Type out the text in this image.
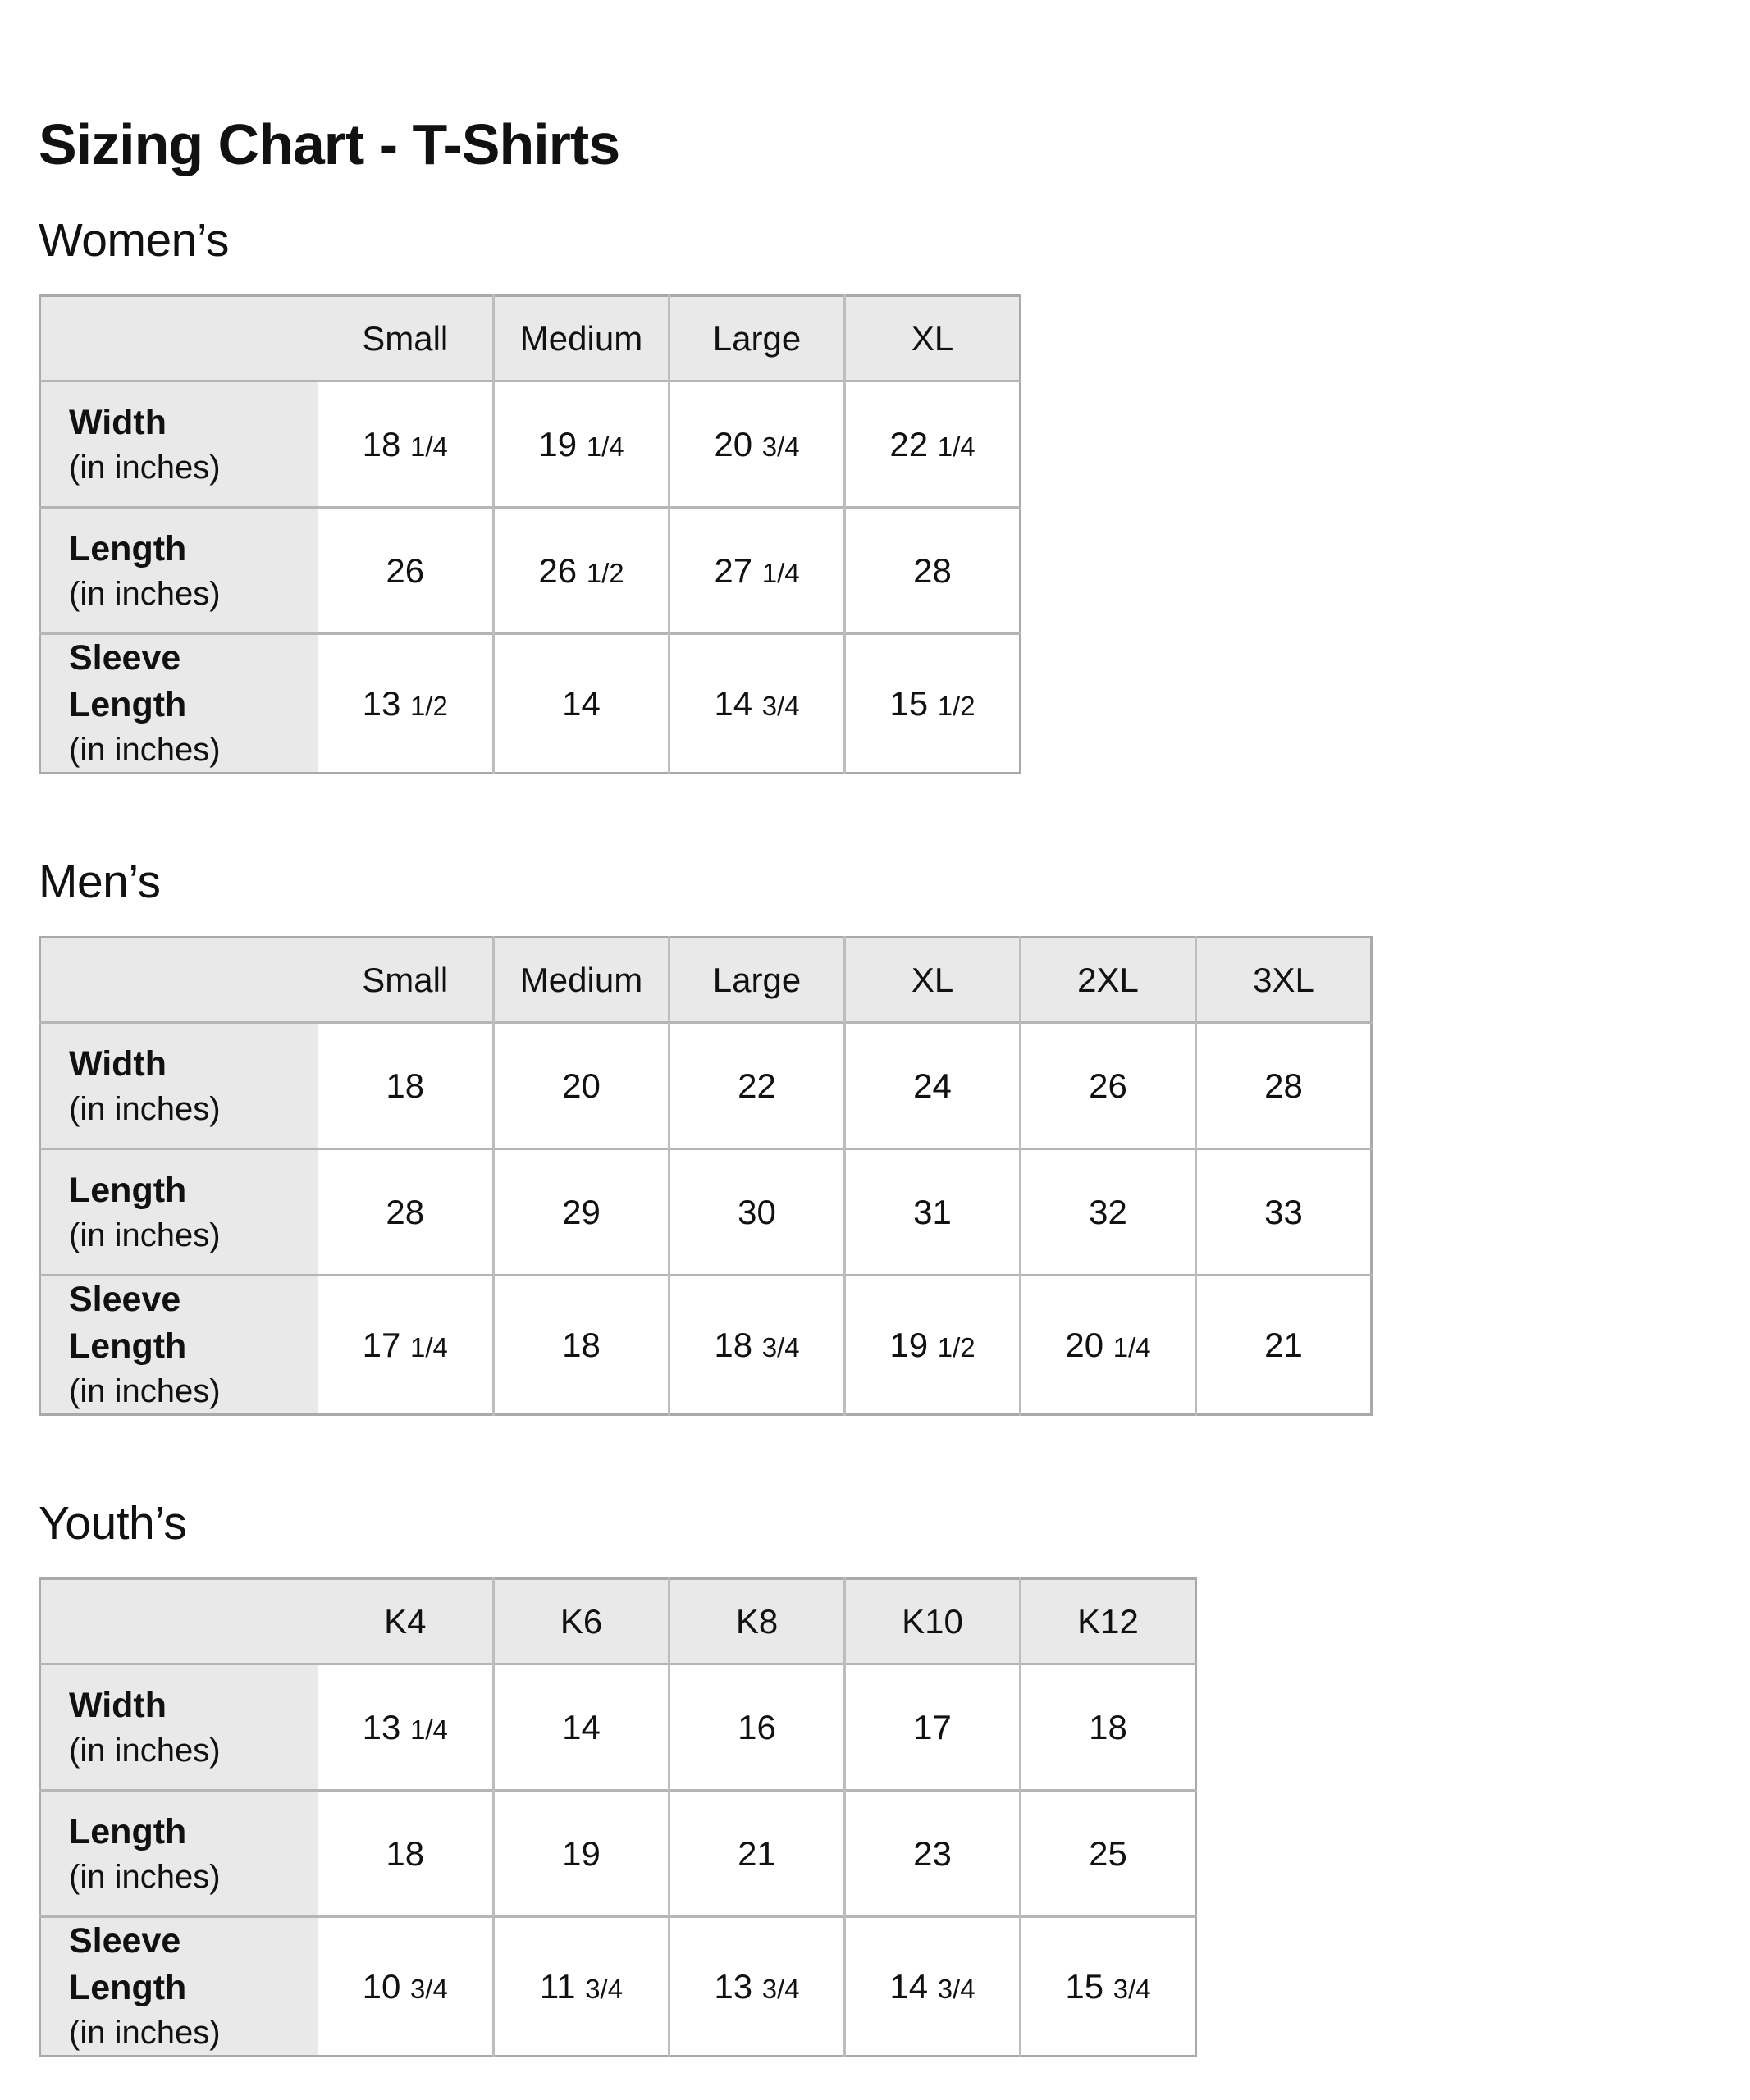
Sizing Chart - T-Shirts
Women’s
	Small	Medium	Large	XL

Width
(in inches)	18 1/4	19 1/4	20 3/4	22 1/4

Length
(in inches)	26	26 1/2	27 1/4	28

Sleeve Length
(in inches)	13 1/2	14	14 3/4	15 1/2
Men’s
	Small	Medium	Large	XL	2XL	3XL

Width
(in inches)	18	20	22	24	26	28

Length
(in inches)	28	29	30	31	32	33

Sleeve Length
(in inches)	17 1/4	18	18 3/4	19 1/2	20 1/4	21
Youth’s
	K4	K6	K8	K10	K12

Width
(in inches)	13 1/4	14	16	17	18

Length
(in inches)	18	19	21	23	25

Sleeve Length
(in inches)	10 3/4	11 3/4	13 3/4	14 3/4	15 3/4
